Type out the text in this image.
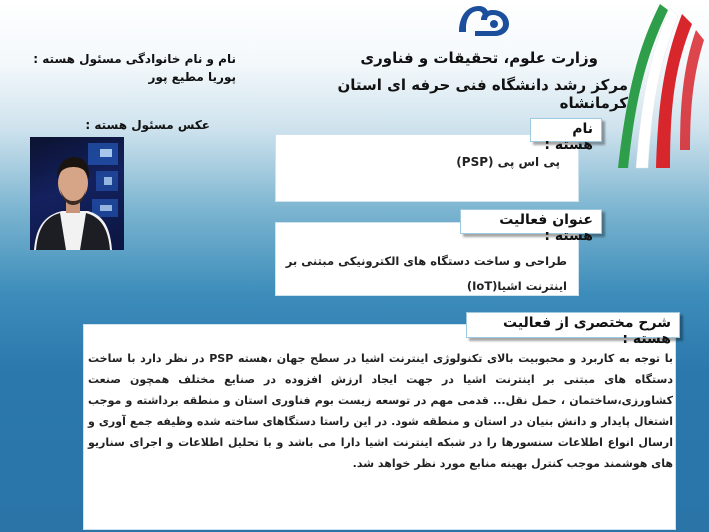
وزارت علوم، تحقیقات و فناوری
مرکز رشد دانشگاه فنی حرفه ای استان کرمانشاه
نام و نام خانوادگی مسئول هسته :
پوریا مطیع پور
عکس مسئول هسته :	نام هسته :
پی اس پی (PSP)
عنوان فعالیت هسته :
طراحی و ساخت دستگاه های الکترونیکی مبتنی بر اینترنت اشیا(IoT)
شرح مختصری از فعالیت هسته :
با توجه به کاربرد و محبوبیت بالای تکنولوژی اینترنت اشیا در سطح جهان ،هسته PSP در نظر دارد با ساخت دستگاه های مبتنی بر اینترنت اشیا در جهت ایجاد ارزش افزوده در صنایع مختلف همچون صنعت کشاورزی،ساختمان ، حمل نقل... قدمی مهم در توسعه زیست بوم فناوری استان و منطقه برداشته و موجب اشتغال پایدار و دانش بنیان در استان و منطقه شود. در این راستا دستگاهای ساخته شده وظیفه جمع آوری و ارسال انواع اطلاعات سنسورها را در شبکه اینترنت اشیا دارا می باشد و با تحلیل اطلاعات و اجرای سناریو های هوشمند موجب کنترل بهینه منابع مورد نظر خواهد شد.
